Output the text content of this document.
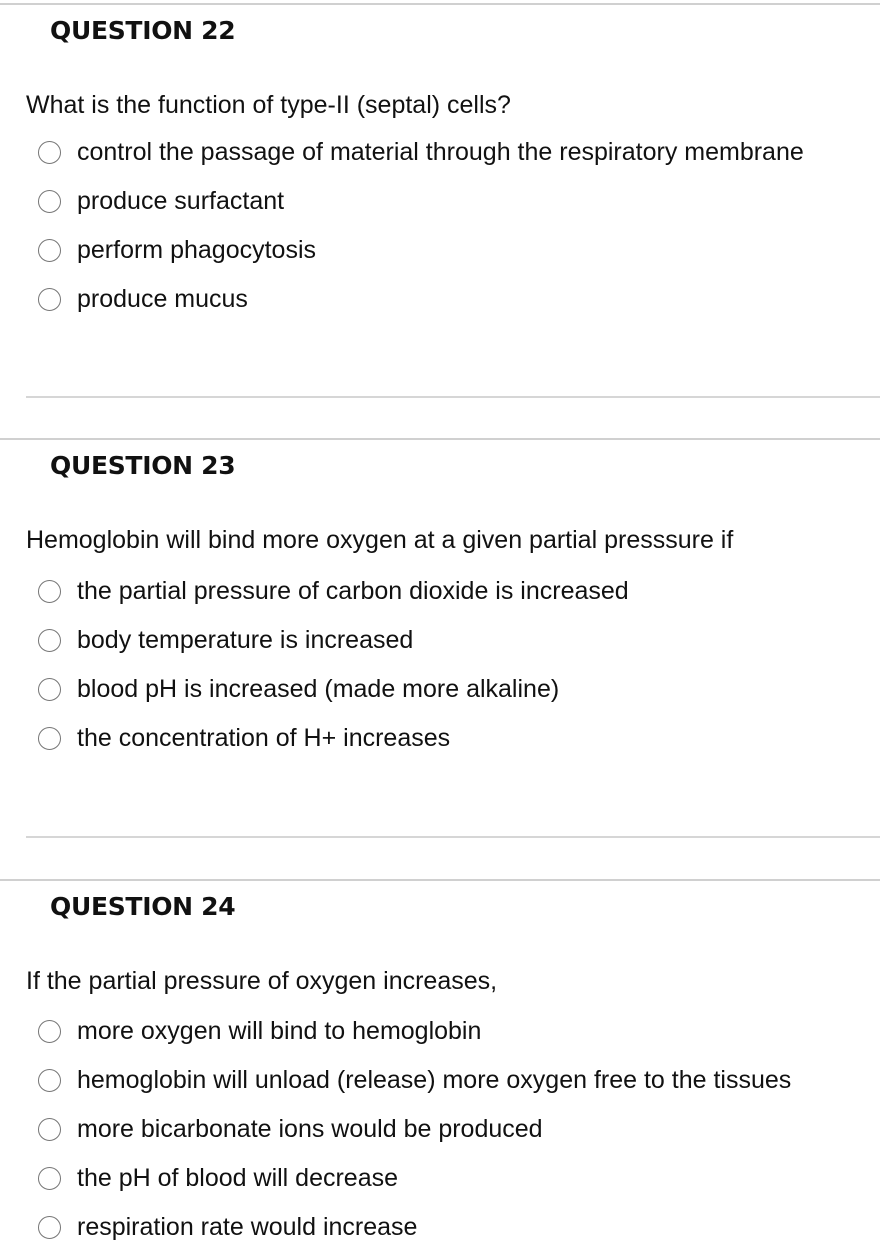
QUESTION 22
What is the function of type-II (septal) cells?
control the passage of material through the respiratory membrane
produce surfactant
perform phagocytosis
produce mucus
QUESTION 23
Hemoglobin will bind more oxygen at a given partial presssure if
the partial pressure of carbon dioxide is increased
body temperature is increased
blood pH is increased (made more alkaline)
the concentration of H+ increases
QUESTION 24
If the partial pressure of oxygen increases,
more oxygen will bind to hemoglobin
hemoglobin will unload (release) more oxygen free to the tissues
more bicarbonate ions would be produced
the pH of blood will decrease
respiration rate would increase
